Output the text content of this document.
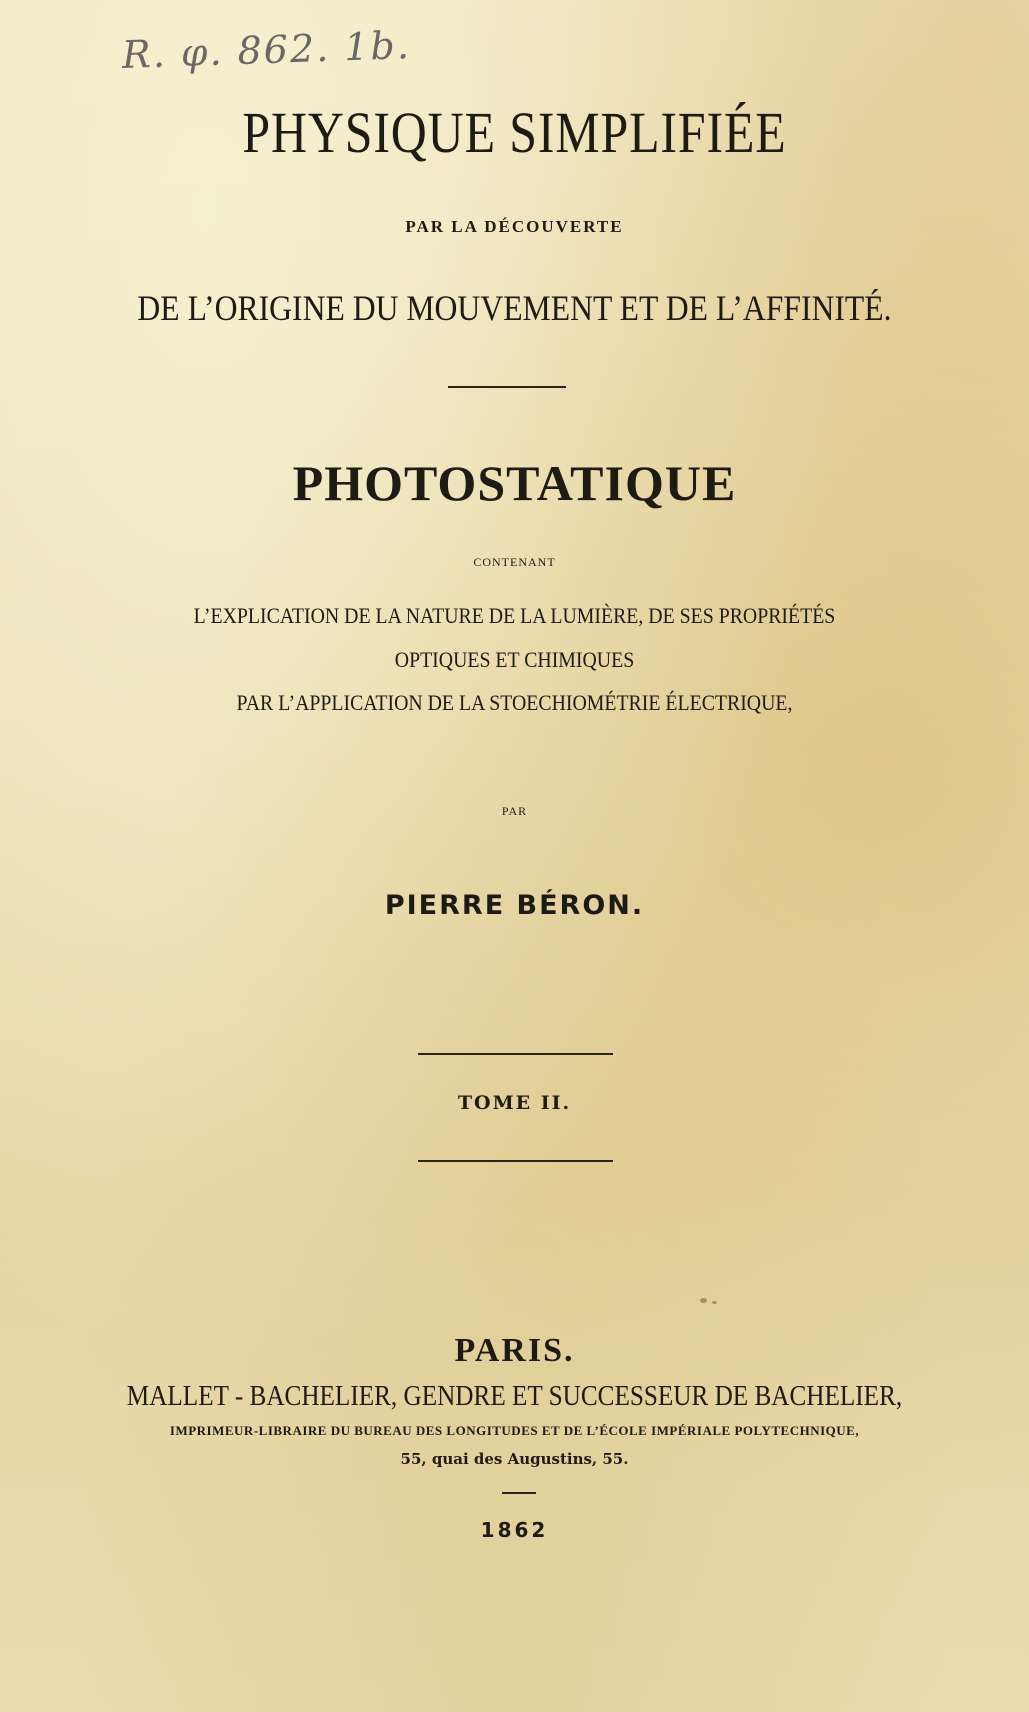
R. φ. 862. 1b.

PHYSIQUE SIMPLIFIÉE

PAR LA DÉCOUVERTE

DE L’ORIGINE DU MOUVEMENT ET DE L’AFFINITÉ.

PHOTOSTATIQUE

CONTENANT

L’EXPLICATION DE LA NATURE DE LA LUMIÈRE, DE SES PROPRIÉTÉS

OPTIQUES ET CHIMIQUES

PAR L’APPLICATION DE LA STOECHIOMÉTRIE ÉLECTRIQUE,

PAR

PIERRE BÉRON.

TOME II.

PARIS.

MALLET - BACHELIER, GENDRE ET SUCCESSEUR DE BACHELIER,

IMPRIMEUR-LIBRAIRE DU BUREAU DES LONGITUDES ET DE L’ÉCOLE IMPÉRIALE POLYTECHNIQUE,

55, quai des Augustins, 55.

1862
